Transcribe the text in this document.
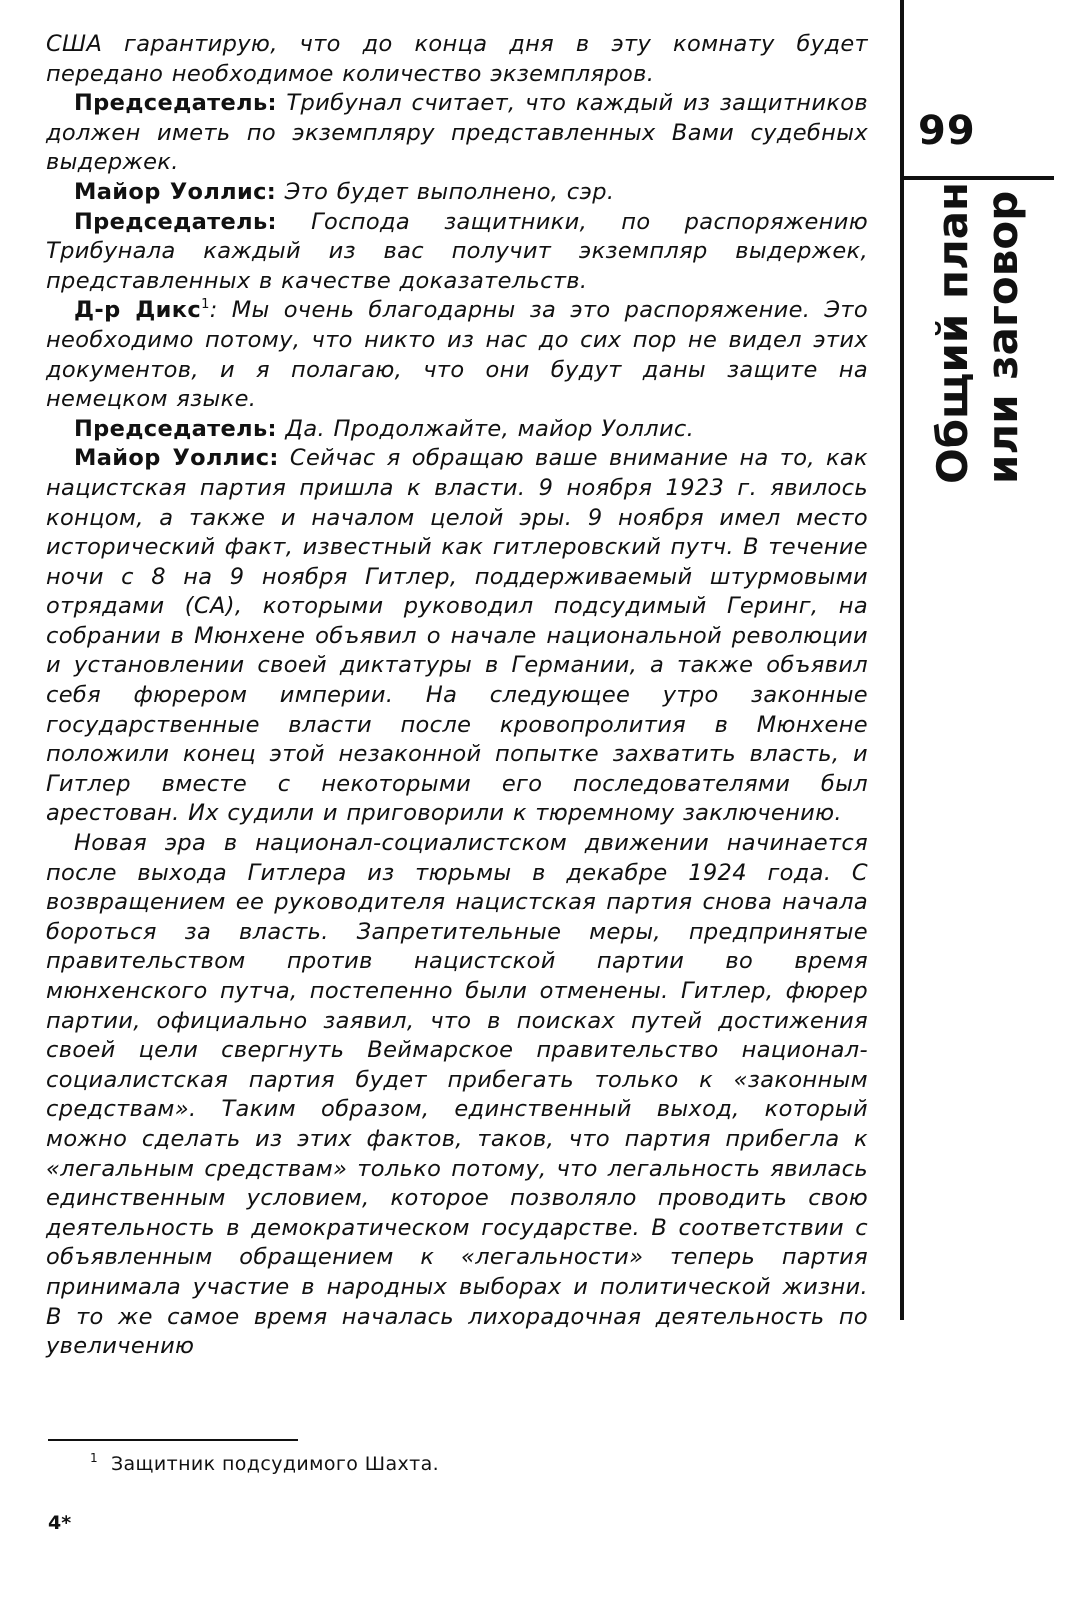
США гарантирую, что до конца дня в эту комнату будет передано необходимое количество экземпляров.

Председатель: Трибунал считает, что каждый из защитников должен иметь по экземпляру представленных Вами судебных выдержек.

Майор Уоллис: Это будет выполнено, сэр.

Председатель: Господа защитники, по распоряжению Трибунала каждый из вас получит экземпляр выдержек, представленных в качестве доказательств.

Д-р Дикс$^1$: Мы очень благодарны за это распоряжение. Это необходимо потому, что никто из нас до сих пор не видел этих документов, и я полагаю, что они будут даны защите на немецком языке.

Председатель: Да. Продолжайте, майор Уоллис.

Майор Уоллис: Сейчас я обращаю ваше внимание на то, как нацистская партия пришла к власти. 9 ноября 1923 г. явилось концом, а также и началом целой эры. 9 ноября имел место исторический факт, известный как гитлеровский путч. В течение ночи с 8 на 9 ноября Гитлер, поддерживаемый штурмовыми отрядами (СА), которыми руководил подсудимый Геринг, на собрании в Мюнхене объявил о начале национальной революции и установлении своей диктатуры в Германии, а также объявил себя фюрером империи. На следующее утро законные государственные власти после кровопролития в Мюнхене положили конец этой незаконной попытке захватить власть, и Гитлер вместе с некоторыми его последователями был арестован. Их судили и приговорили к тюремному заключению.

Новая эра в национал-социалистском движении начинается после выхода Гитлера из тюрьмы в декабре 1924 года. С возвращением ее руководителя нацистская партия снова начала бороться за власть. Запретительные меры, предпринятые правительством против нацистской партии во время мюнхенского путча, постепенно были отменены. Гитлер, фюрер партии, официально заявил, что в поисках путей достижения своей цели свергнуть Веймарское правительство национал-социалистская партия будет прибегать только к «законным средствам». Таким образом, единственный выход, который можно сделать из этих фактов, таков, что партия прибегла к «легальным средствам» только потому, что легальность явилась единственным условием, которое позволяло проводить свою деятельность в демократическом государстве. В соответствии с объявленным обращением к «легальности» теперь партия принимала участие в народных выборах и политической жизни. В то же самое время началась лихорадочная деятельность по увеличению

99
Общий план или заговор
$^1$ Защитник подсудимого Шахта.
4*
